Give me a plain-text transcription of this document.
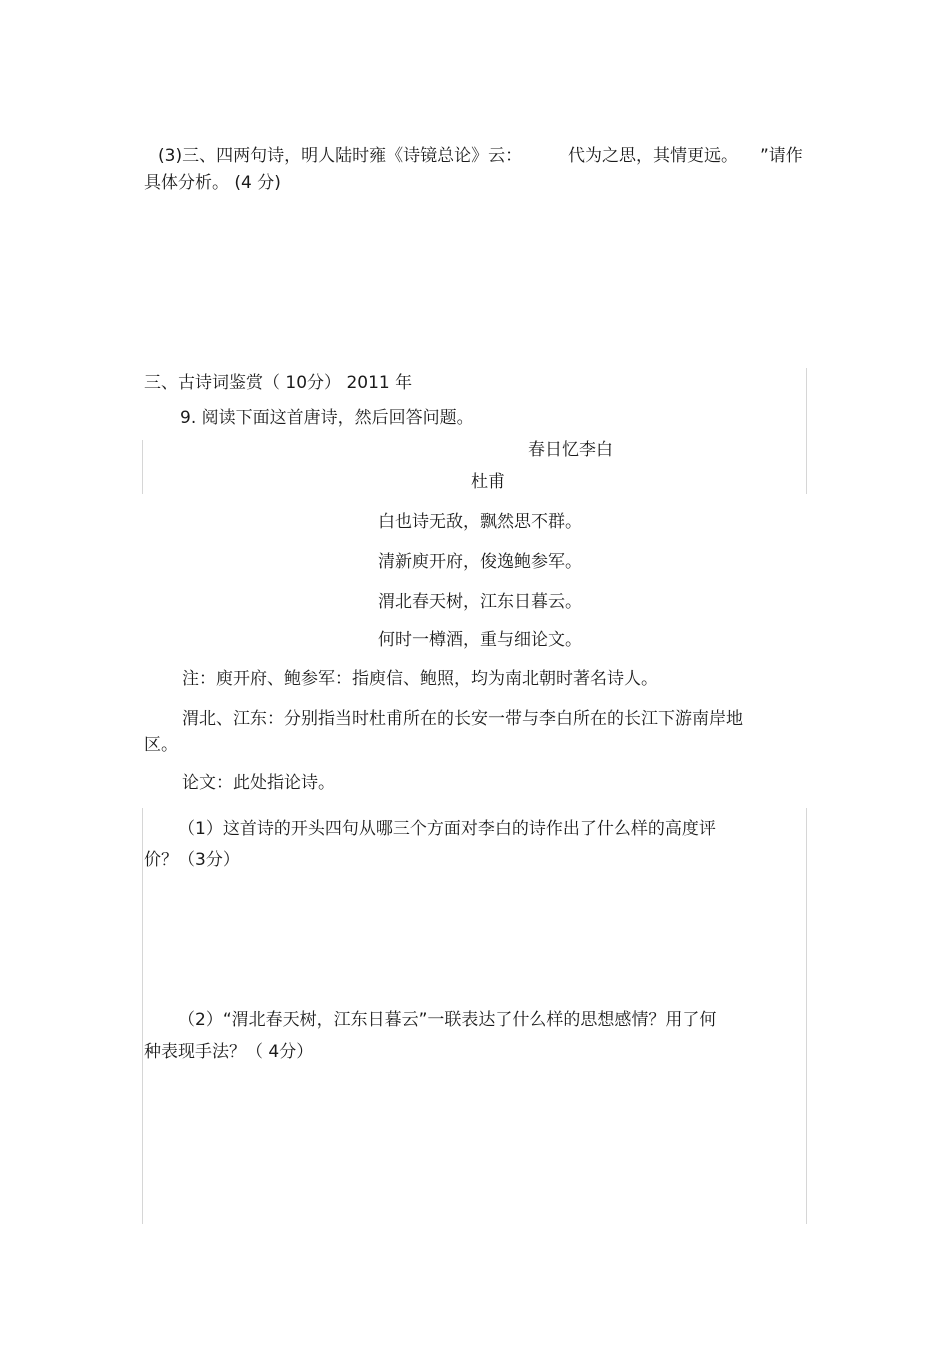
(3)三、四两句诗，明人陆时雍《诗镜总论》云：	代为之思，其情更远。 ”请作
具体分析。 (4 分)
三、古诗词鉴赏（ 10分） 2011 年
9. 阅读下面这首唐诗，然后回答问题。
春日忆李白
杜甫
白也诗无敌，飘然思不群。
清新庾开府，俊逸鲍参军。
渭北春天树，江东日暮云。
何时一樽酒，重与细论文。
注：庾开府、鲍参军：指庾信、鲍照，均为南北朝时著名诗人。
渭北、江东：分别指当时杜甫所在的长安一带与李白所在的长江下游南岸地
区。
论文：此处指论诗。
（1）这首诗的开头四句从哪三个方面对李白的诗作出了什么样的高度评
价？（3分）
（2）“渭北春天树，江东日暮云”一联表达了什么样的思想感情？用了何
种表现手法？（ 4分）
